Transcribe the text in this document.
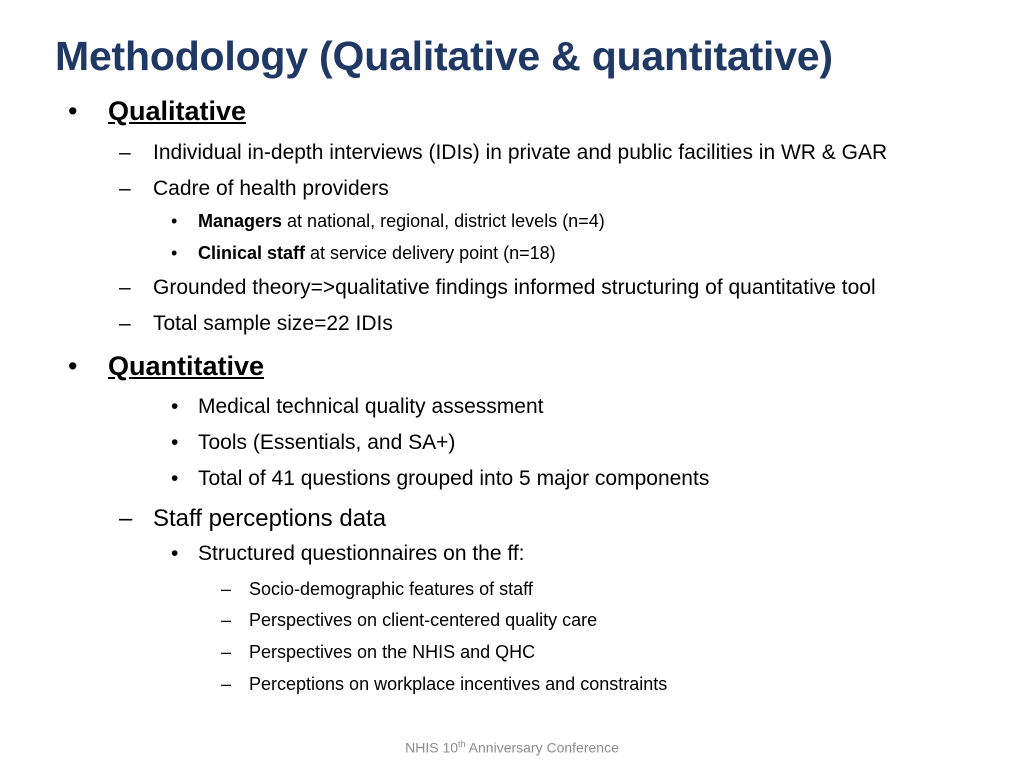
Methodology (Qualitative & quantitative)
• Qualitative
– Individual in-depth interviews (IDIs) in private and public facilities in WR & GAR
– Cadre of health providers
• Managers at national, regional, district levels (n=4)
• Clinical staff at service delivery point (n=18)
– Grounded theory=>qualitative findings informed structuring of quantitative tool
– Total sample size=22 IDIs
• Quantitative
• Medical technical quality assessment
• Tools (Essentials, and SA+)
• Total of 41 questions grouped into 5 major components
– Staff perceptions data
• Structured questionnaires on the ff:
– Socio-demographic features of staff
– Perspectives on client-centered quality care
– Perspectives on the NHIS and QHC
– Perceptions on workplace incentives and constraints
NHIS 10th Anniversary Conference
